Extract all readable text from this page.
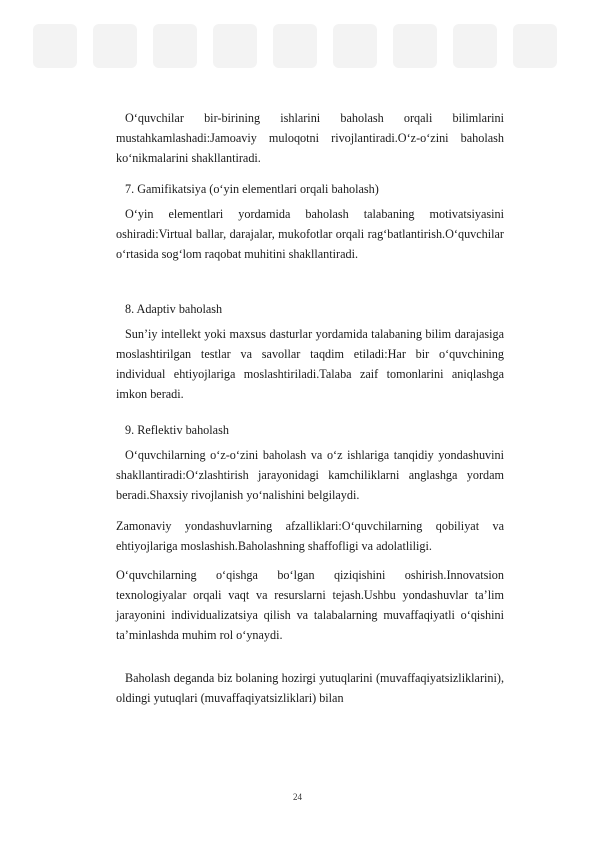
O‘quvchilar bir-birining ishlarini baholash orqali bilimlarini mustahkamlashadi:Jamoaviy muloqotni rivojlantiradi.O‘z-o‘zini baholash ko‘nikmalarini shakllantiradi.

7. Gamifikatsiya (o‘yin elementlari orqali baholash)

O‘yin elementlari yordamida baholash talabaning motivatsiyasini oshiradi:Virtual ballar, darajalar, mukofotlar orqali rag‘batlantirish.O‘quvchilar o‘rtasida sog‘lom raqobat muhitini shakllantiradi.

8. Adaptiv baholash

Sun’iy intellekt yoki maxsus dasturlar yordamida talabaning bilim darajasiga moslashtirilgan testlar va savollar taqdim etiladi:Har bir o‘quvchining individual ehtiyojlariga moslashtiriladi.Talaba zaif tomonlarini aniqlashga imkon beradi.

9. Reflektiv baholash

O‘quvchilarning o‘z-o‘zini baholash va o‘z ishlariga tanqidiy yondashuvini shakllantiradi:O‘zlashtirish jarayonidagi kamchiliklarni anglashga yordam beradi.Shaxsiy rivojlanish yo‘nalishini belgilaydi.

Zamonaviy yondashuvlarning afzalliklari:O‘quvchilarning qobiliyat va ehtiyojlariga moslashish.Baholashning shaffofligi va adolatliligi.

O‘quvchilarning o‘qishga bo‘lgan qiziqishini oshirish.Innovatsion texnologiyalar orqali vaqt va resurslarni tejash.Ushbu yondashuvlar ta’lim jarayonini individualizatsiya qilish va talabalarning muvaffaqiyatli o‘qishini ta’minlashda muhim rol o‘ynaydi.

Baholash deganda biz bolaning hozirgi yutuqlarini (muvaffaqiyatsizliklarini), oldingi yutuqlari (muvaffaqiyatsizliklari) bilan

24
